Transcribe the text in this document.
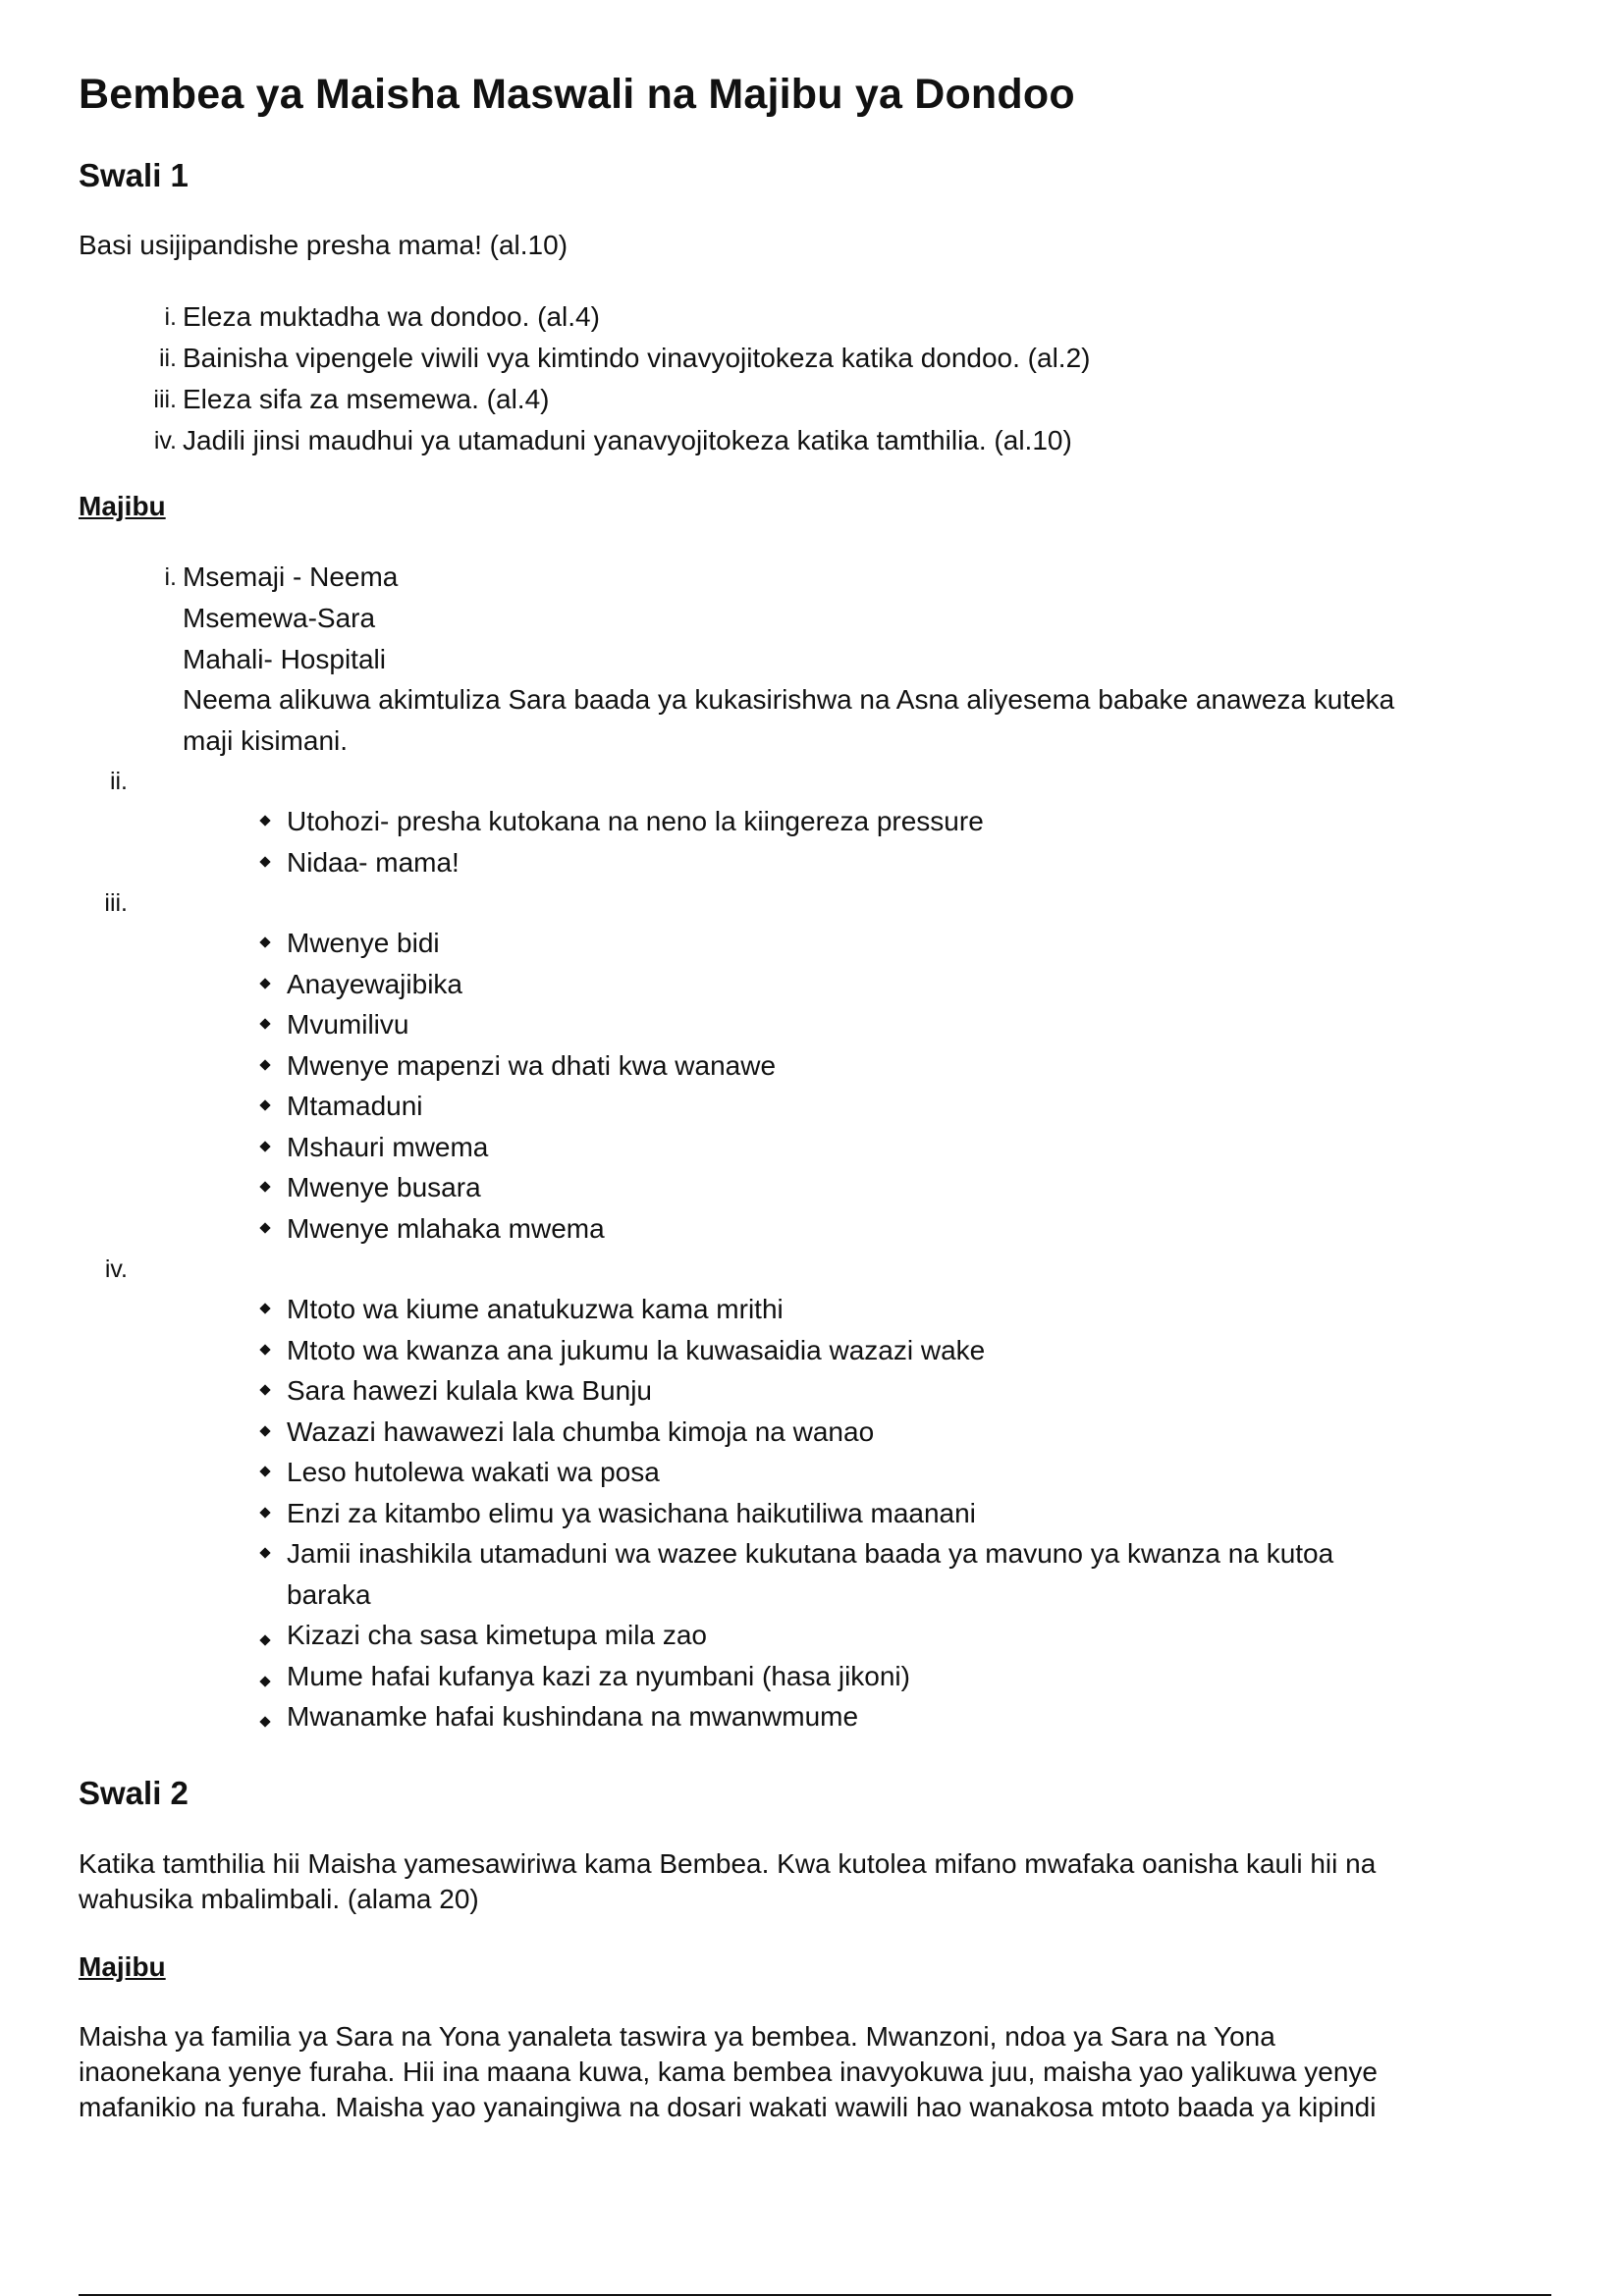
Bembea ya Maisha Maswali na Majibu ya Dondoo
Swali 1
Basi usijipandishe presha mama! (al.10)
i. Eleza muktadha wa dondoo. (al.4)
ii. Bainisha vipengele viwili vya kimtindo vinavyojitokeza katika dondoo. (al.2)
iii. Eleza sifa za msemewa. (al.4)
iv. Jadili jinsi maudhui ya utamaduni yanavyojitokeza katika tamthilia. (al.10)
Majibu
i. Msemaji - Neema
Msemewa-Sara
Mahali- Hospitali
Neema alikuwa akimtuliza Sara baada ya kukasirishwa na Asna aliyesema babake anaweza kuteka
maji kisimani.
ii.
Utohozi- presha kutokana na neno la kiingereza pressure
Nidaa- mama!
iii.
Mwenye bidi
Anayewajibika
Mvumilivu
Mwenye mapenzi wa dhati kwa wanawe
Mtamaduni
Mshauri mwema
Mwenye busara
Mwenye mlahaka mwema
iv.
Mtoto wa kiume anatukuzwa kama mrithi
Mtoto wa kwanza ana jukumu la kuwasaidia wazazi wake
Sara hawezi kulala kwa Bunju
Wazazi hawawezi lala chumba kimoja na wanao
Leso hutolewa wakati wa posa
Enzi za kitambo elimu ya wasichana haikutiliwa maanani
Jamii inashikila utamaduni wa wazee kukutana baada ya mavuno ya kwanza na kutoa
baraka
Kizazi cha sasa kimetupa mila zao
Mume hafai kufanya kazi za nyumbani (hasa jikoni)
Mwanamke hafai kushindana na mwanwmume
Swali 2
Katika tamthilia hii Maisha yamesawiriwa kama Bembea. Kwa kutolea mifano mwafaka oanisha kauli hii na
wahusika mbalimbali. (alama 20)
Majibu
Maisha ya familia ya Sara na Yona yanaleta taswira ya bembea. Mwanzoni, ndoa ya Sara na Yona
inaonekana yenye furaha. Hii ina maana kuwa, kama bembea inavyokuwa juu, maisha yao yalikuwa yenye
mafanikio na furaha. Maisha yao yanaingiwa na dosari wakati wawili hao wanakosa mtoto baada ya kipindi
